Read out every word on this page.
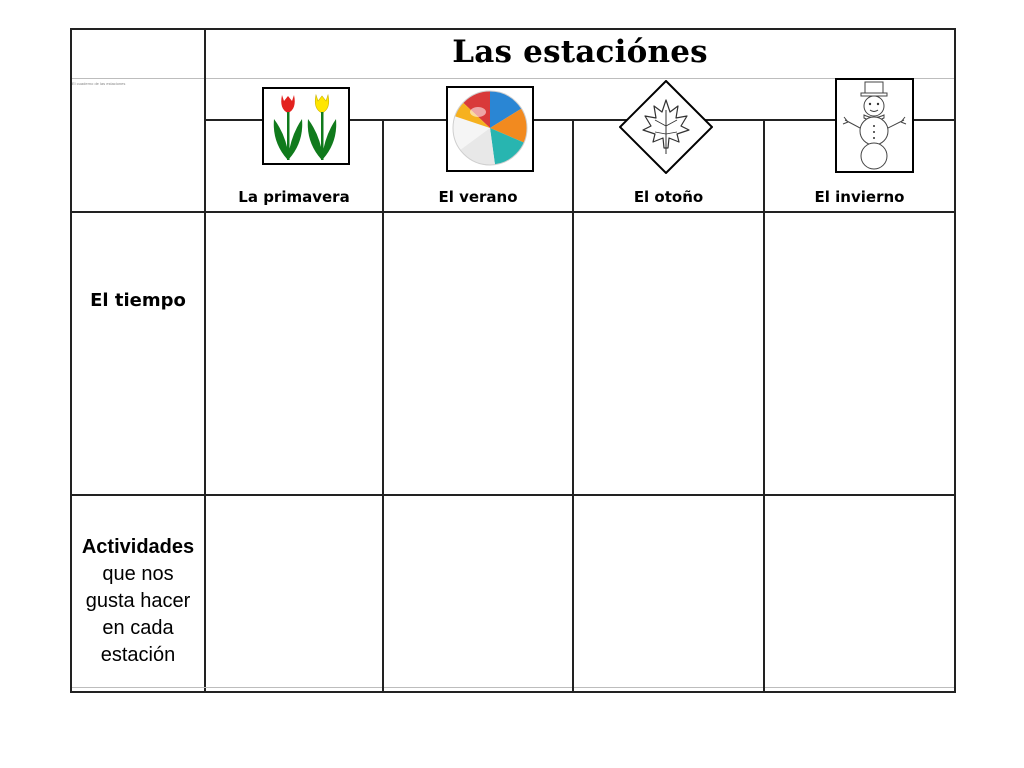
Las estaciónes
El cuaderno de las estaciones
La primavera	El verano	El otoño	El invierno
El tiempo
Actividades
que nos
gusta hacer
en cada
estación
